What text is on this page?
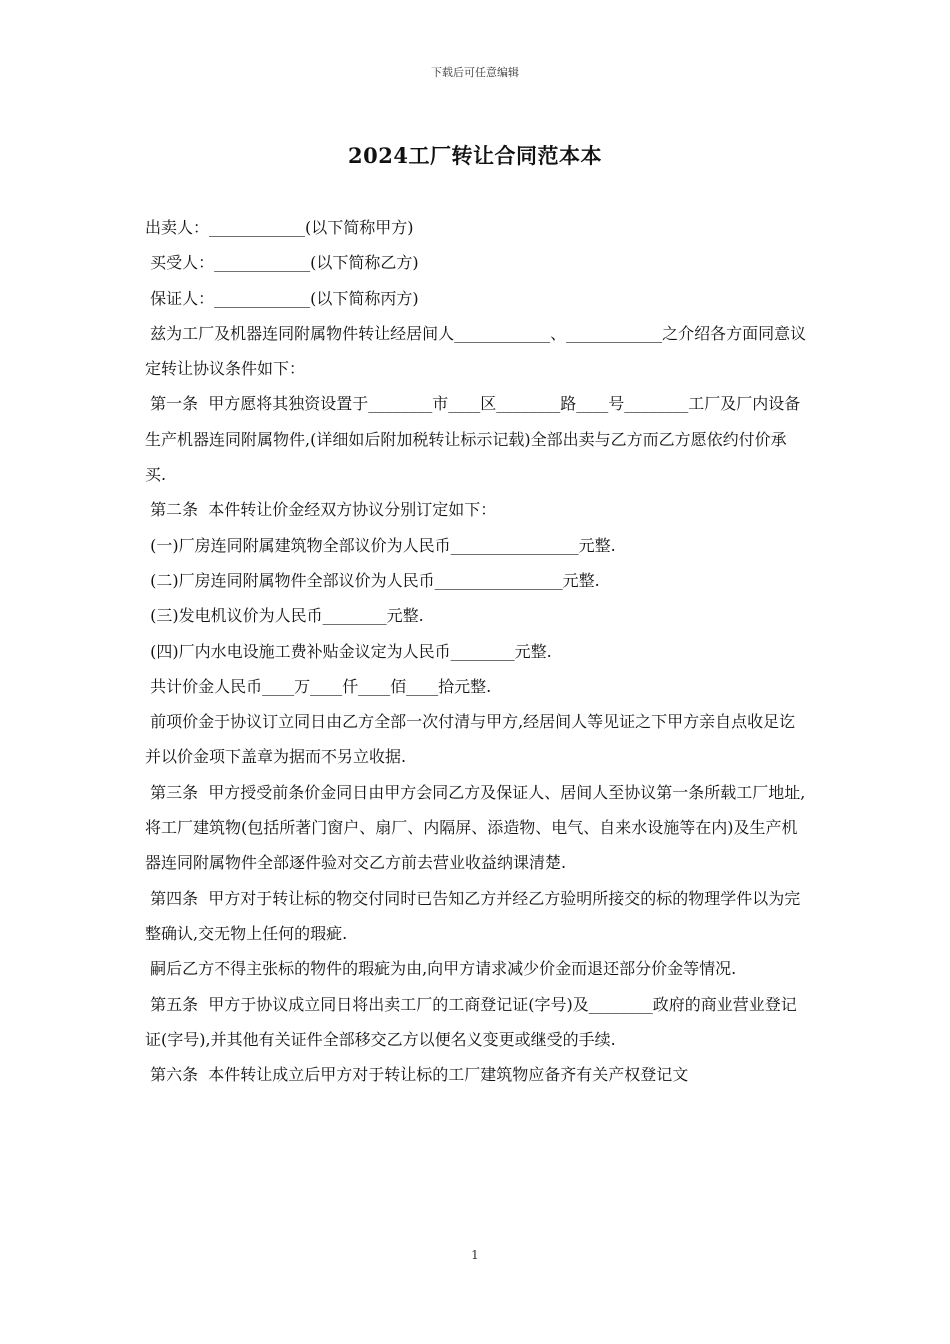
下载后可任意编辑
2024工厂转让合同范本本

出卖人：____________(以下简称甲方)

买受人：____________(以下简称乙方)

保证人：____________(以下简称丙方)

兹为工厂及机器连同附属物件转让经居间人____________、____________之介绍各方面同意议定转让协议条件如下：

第一条  甲方愿将其独资设置于________市____区________路____号________工厂及厂内设备生产机器连同附属物件,(详细如后附加税转让标示记载)全部出卖与乙方而乙方愿依约付价承买.

第二条  本件转让价金经双方协议分别订定如下：

(一)厂房连同附属建筑物全部议价为人民币________________元整.

(二)厂房连同附属物件全部议价为人民币________________元整.

(三)发电机议价为人民币________元整.

(四)厂内水电设施工费补贴金议定为人民币________元整.

共计价金人民币____万____仟____佰____拾元整.

前项价金于协议订立同日由乙方全部一次付清与甲方,经居间人等见证之下甲方亲自点收足讫并以价金项下盖章为据而不另立收据.

第三条  甲方授受前条价金同日由甲方会同乙方及保证人、居间人至协议第一条所载工厂地址,将工厂建筑物(包括所著门窗户、扇厂、内隔屏、添造物、电气、自来水设施等在内)及生产机器连同附属物件全部逐件验对交乙方前去营业收益纳课清楚.

第四条  甲方对于转让标的物交付同时已告知乙方并经乙方验明所接交的标的物理学件以为完整确认,交无物上任何的瑕疵.

嗣后乙方不得主张标的物件的瑕疵为由,向甲方请求减少价金而退还部分价金等情况.

第五条  甲方于协议成立同日将出卖工厂的工商登记证(字号)及________政府的商业营业登记证(字号),并其他有关证件全部移交乙方以便名义变更或继受的手续.

第六条  本件转让成立后甲方对于转让标的工厂建筑物应备齐有关产权登记文

1
